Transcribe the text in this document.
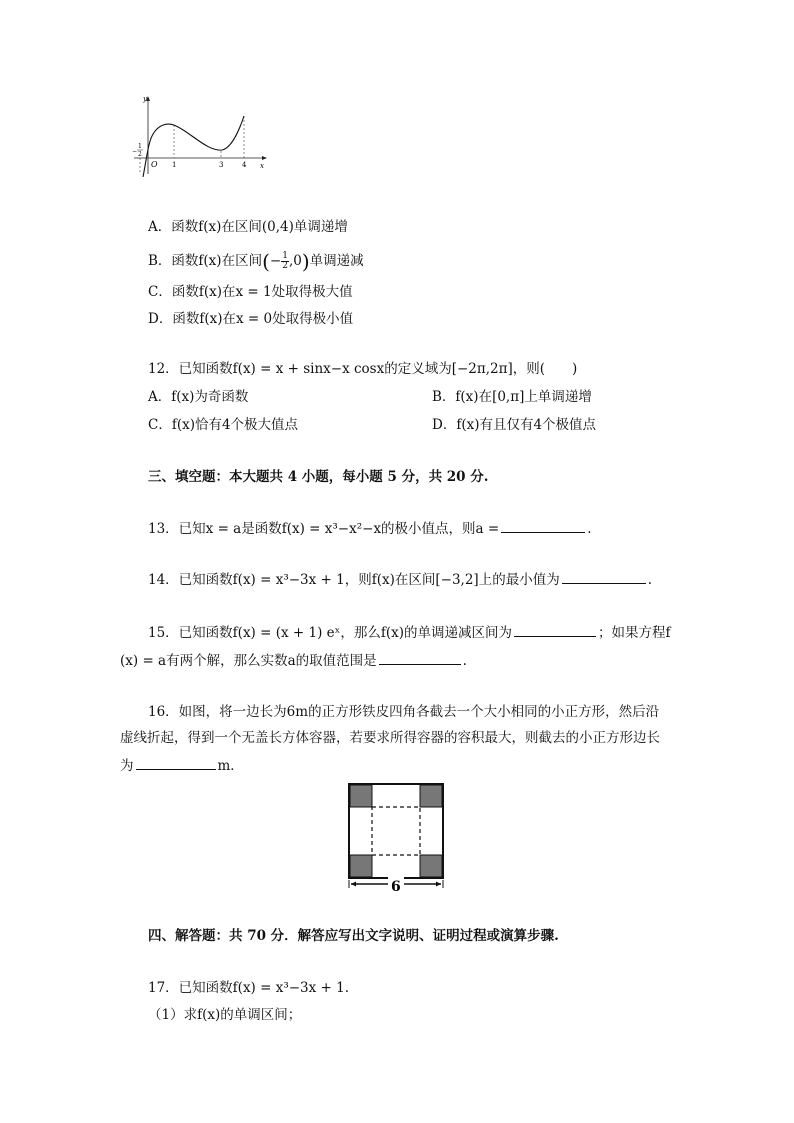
y
x
O
−
1
2
1	3	4
A．函数f(x)在区间(0,4)单调递增
B．函数f(x)在区间(− $\frac{1}{2} ,0$)单调递减
C．函数f(x)在x = 1处取得极大值
D．函数f(x)在x = 0处取得极小值
12．已知函数f(x) = x + sinx−x cosx的定义域为[−2π,2π]，则(　　)
A．f(x)为奇函数	B．f(x)在[0,π]上单调递增
C．f(x)恰有4个极大值点	D．f(x)有且仅有4个极值点
三、填空题：本大题共 4 小题，每小题 5 分，共 20 分.
13．已知x = a是函数f(x) = x³−x²−x的极小值点，则a =	.
14．已知函数f(x) = x³−3x + 1，则f(x)在区间[−3,2]上的最小值为	.
15．已知函数f(x) = (x + 1) eˣ，那么f(x)的单调递减区间为	；如果方程f
(x) = a有两个解，那么实数a的取值范围是	.
16．如图，将一边长为6m的正方形铁皮四角各截去一个大小相同的小正方形，然后沿
虚线折起，得到一个无盖长方体容器，若要求所得容器的容积最大，则截去的小正方形边长
为	m．
6
四、解答题：共 70 分．解答应写出文字说明、证明过程或演算步骤.
17．已知函数f(x) = x³−3x + 1.
（1）求f(x)的单调区间；
